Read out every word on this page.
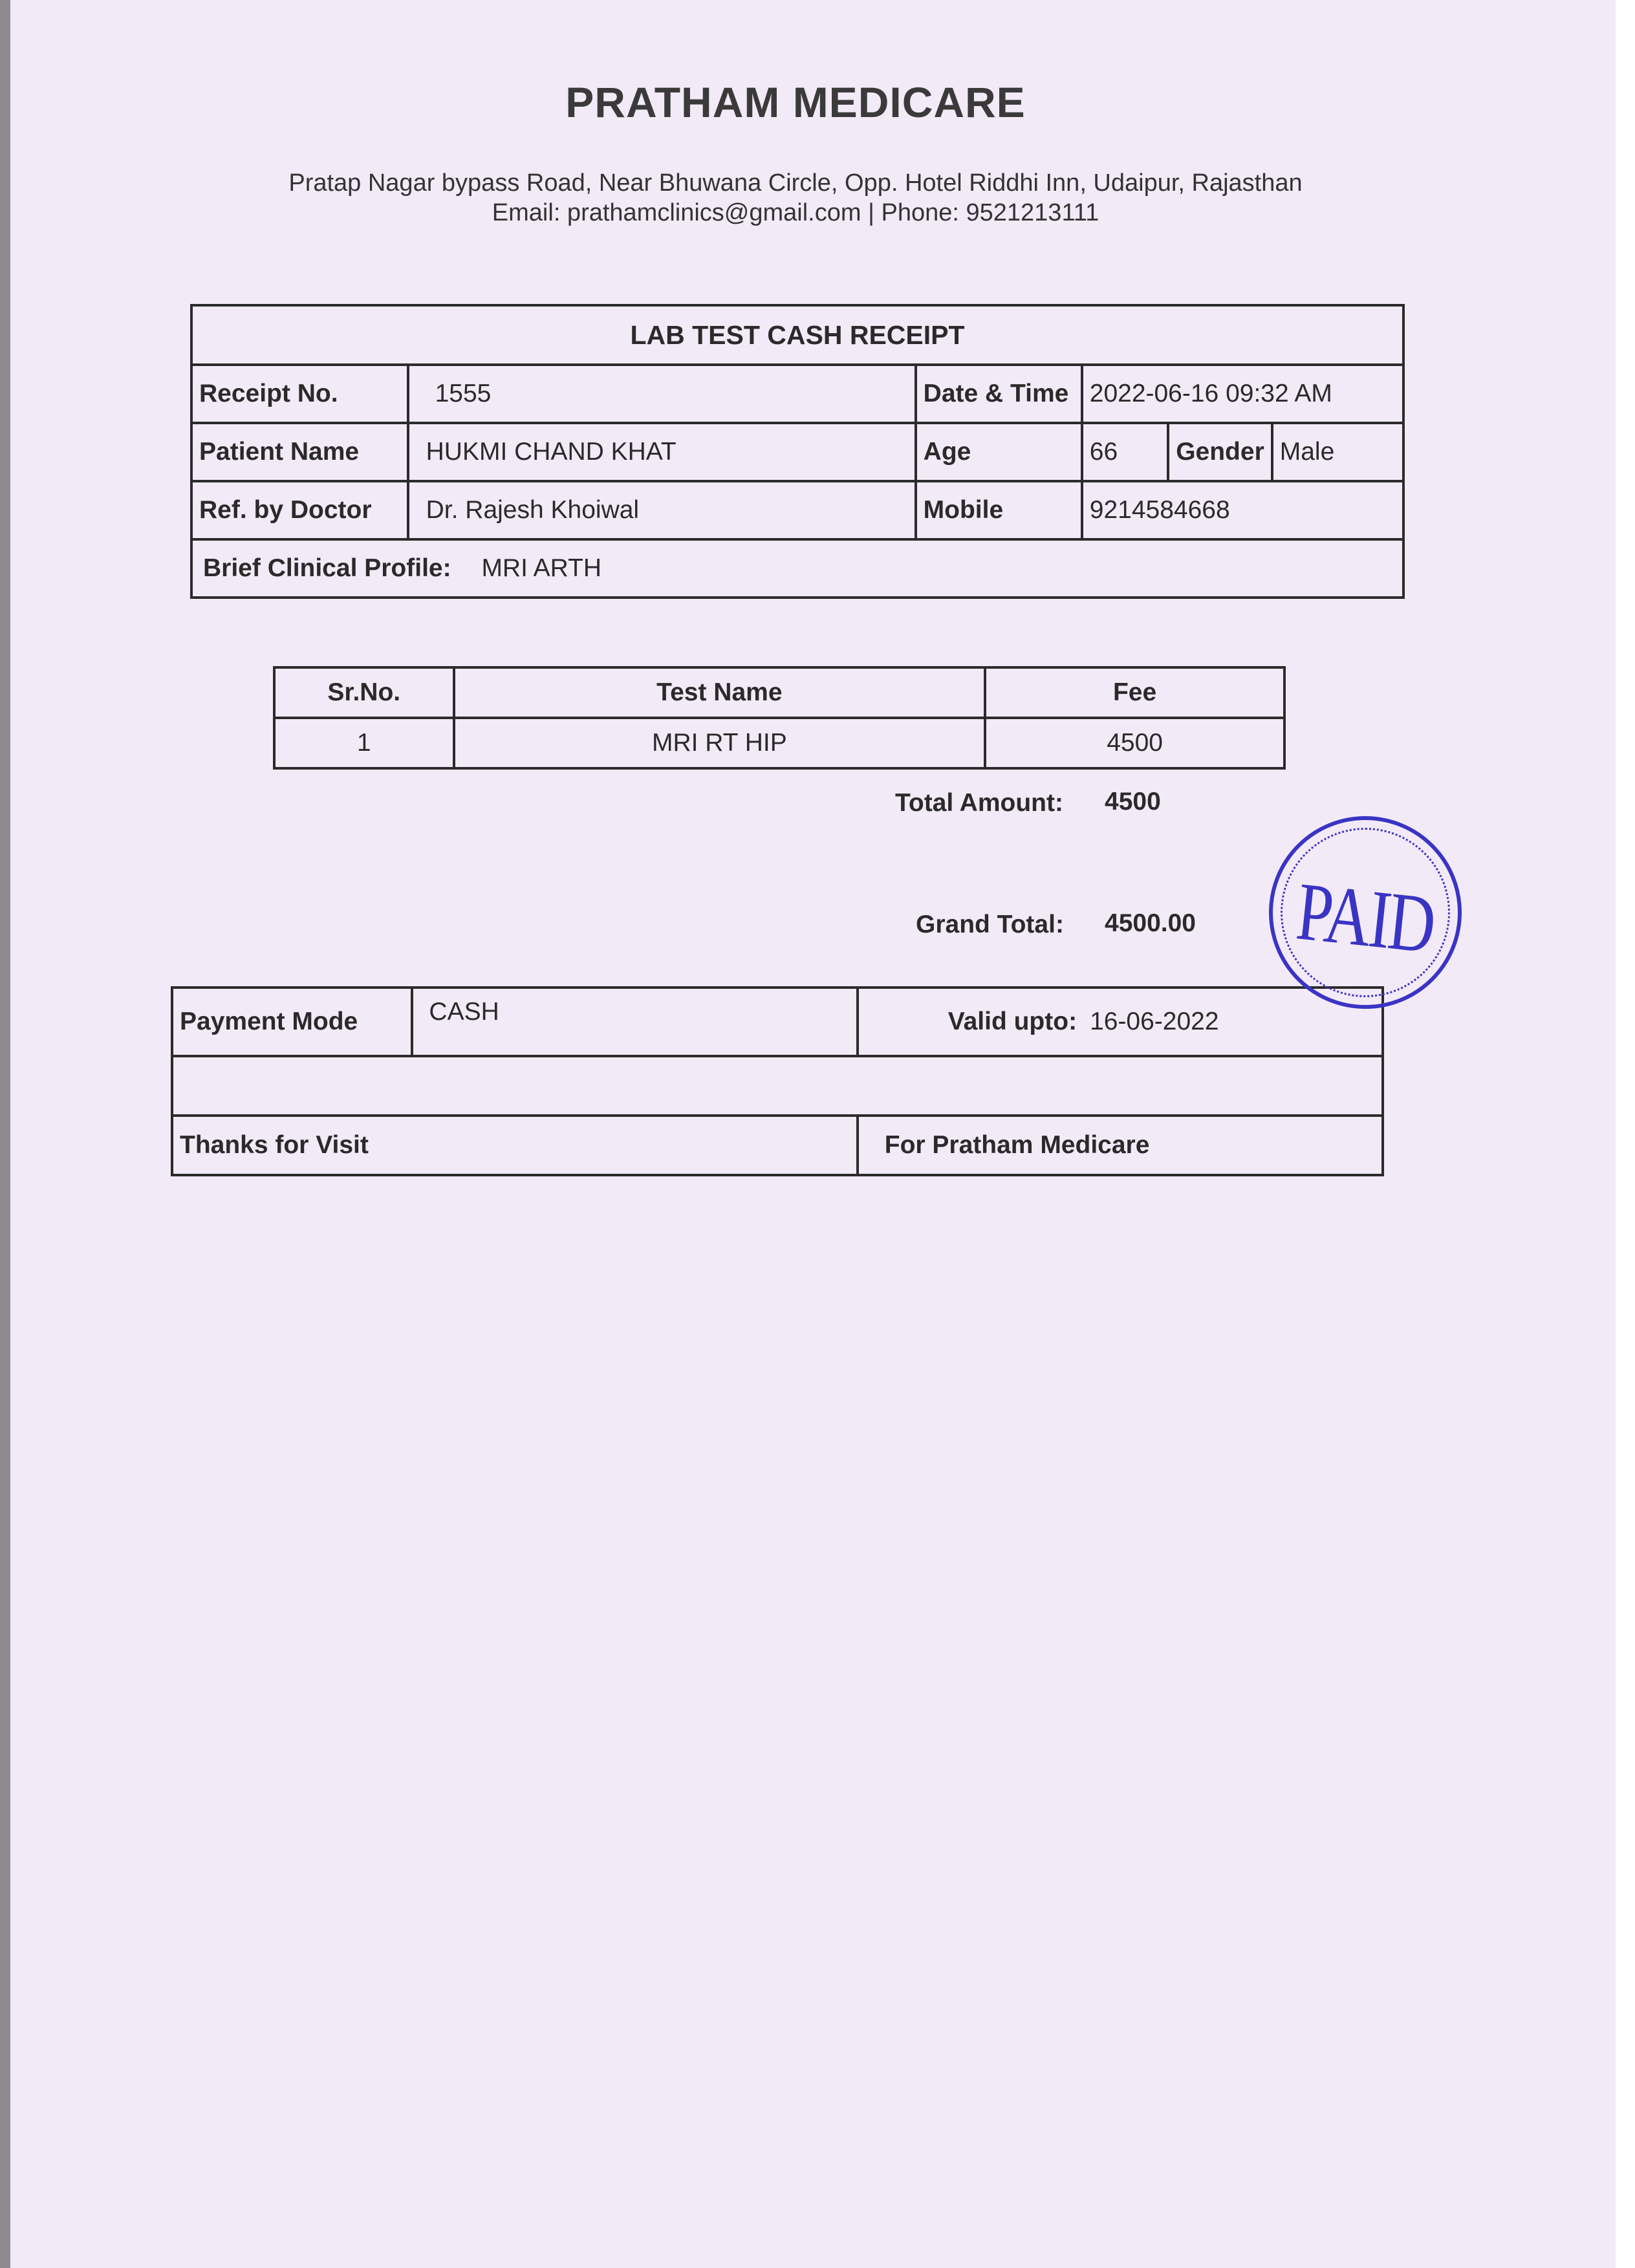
PRATHAM MEDICARE
Pratap Nagar bypass Road, Near Bhuwana Circle, Opp. Hotel Riddhi Inn, Udaipur, Rajasthan
Email: prathamclinics@gmail.com | Phone: 9521213111
LAB TEST CASH RECEIPT					
Receipt No.	1555	Date & Time	2022-06-16 09:32 AM		
Patient Name	HUKMI CHAND KHAT	Age	66	Gender	Male
Ref. by Doctor	Dr. Rajesh Khoiwal	Mobile	9214584668		
Brief Clinical Profile: MRI ARTH					
Sr.No.	Test Name	Fee
1	MRI RT HIP	4500
Total Amount: 4500
Grand Total: 4500.00
Payment Mode	CASH	Valid upto:	16-06-2022

Thanks for Visit		For Pratham Medicare	
PAID
